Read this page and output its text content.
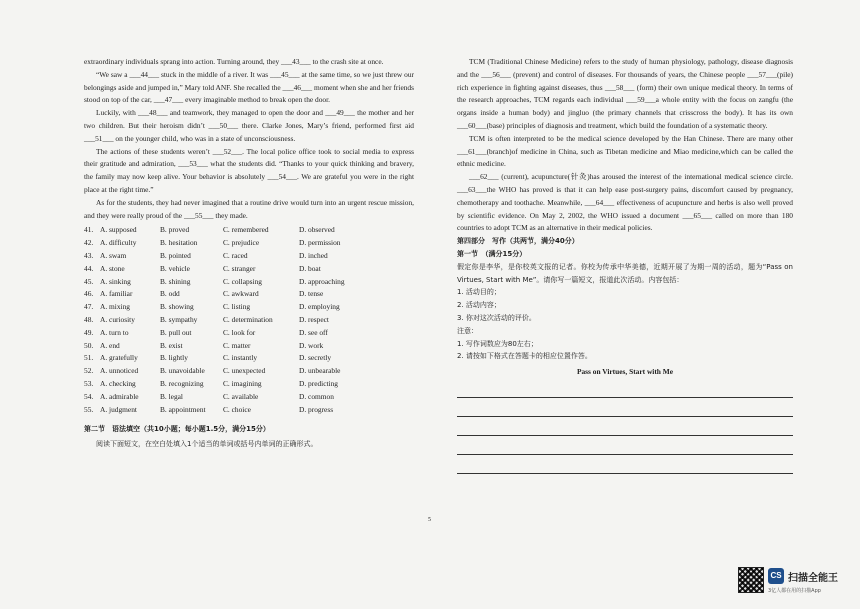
extraordinary individuals sprang into action. Turning around, they ___43___ to the crash site at once.

“We saw a ___44___ stuck in the middle of a river. It was ___45___ at the same time, so we just threw our belongings aside and jumped in,” Mary told ANF. She recalled the ___46___ moment when she and her friends stood on top of the car, ___47___ every imaginable method to break open the door.

Luckily, with ___48___ and teamwork, they managed to open the door and ___49___ the mother and her two children. But their heroism didn’t ___50___ there. Clarke Jones, Mary’s friend, performed first aid ___51___ on the younger child, who was in a state of unconsciousness.

The actions of these students weren’t ___52___. The local police office took to social media to express their gratitude and admiration, ___53___ what the students did. “Thanks to your quick thinking and bravery, the family may now keep alive. Your behavior is absolutely ___54___. We are grateful you were in the right place at the right time.”

As for the students, they had never imagined that a routine drive would turn into an urgent rescue mission, and they were really proud of the ___55___ they made.

41. A. supposed	B. proved	C. remembered	D. observed
42. A. difficulty	B. hesitation	C. prejudice	D. permission
43. A. swam	B. pointed	C. raced	D. inched
44. A. stone	B. vehicle	C. stranger	D. boat
45. A. sinking	B. shining	C. collapsing	D. approaching
46. A. familiar	B. odd	C. awkward	D. tense
47. A. mixing	B. showing	C. listing	D. employing
48. A. curiosity	B. sympathy	C. determination	D. respect
49. A. turn to	B. pull out	C. look for	D. see off
50. A. end	B. exist	C. matter	D. work
51. A. gratefully	B. lightly	C. instantly	D. secretly
52. A. unnoticed	B. unavoidable	C. unexpected	D. unbearable
53. A. checking	B. recognizing	C. imagining	D. predicting
54. A. admirable	B. legal	C. available	D. common
55. A. judgment	B. appointment	C. choice	D. progress

第二节　语法填空（共10小题；每小题1.5分，满分15分）

阅读下面短文，在空白处填入1个适当的单词或括号内单词的正确形式。

TCM (Traditional Chinese Medicine) refers to the study of human physiology, pathology, disease diagnosis and the ___56___ (prevent) and control of diseases. For thousands of years, the Chinese people ___57___(pile) rich experience in fighting against diseases, thus ___58___ (form) their own unique medical theory. In terms of the research approaches, TCM regards each individual ___59___a whole entity with the focus on zangfu (the organs inside a human body) and jingluo (the primary channels that crisscross the body). It has its own ___60___(base) principles of diagnosis and treatment, which build the foundation of a systematic theory.

TCM is often interpreted to be the medical science developed by the Han Chinese. There are many other ___61___(branch)of medicine in China, such as Tibetan medicine and Miao medicine,which can be called the ethnic medicine.

___62___ (current), acupuncture(针灸)has aroused the interest of the international medical science circle. ___63___the WHO has proved is that it can help ease post-surgery pains, discomfort caused by pregnancy, chemotherapy and toothache. Meanwhile, ___64___ effectiveness of acupuncture and herbs is also well proved by scientific evidence. On May 2, 2002, the WHO issued a document ___65___ called on more than 180 countries to adopt TCM as an alternative in their medical policies.

第四部分　写作（共两节，满分40分）

第一节　（满分15分）

假定你是李华，是你校英文报的记者。你校为传承中华美德，近期开展了为期一周的活动，题为“Pass on Virtues, Start with Me”。请你写一篇短文，报道此次活动。内容包括：

1. 活动目的；

2. 活动内容；

3. 你对这次活动的评价。

注意：

1. 写作词数应为80左右；

2. 请按如下格式在答题卡的相应位置作答。

Pass on Virtues, Start with Me

5
CS 扫描全能王
3亿人都在用的扫描App
